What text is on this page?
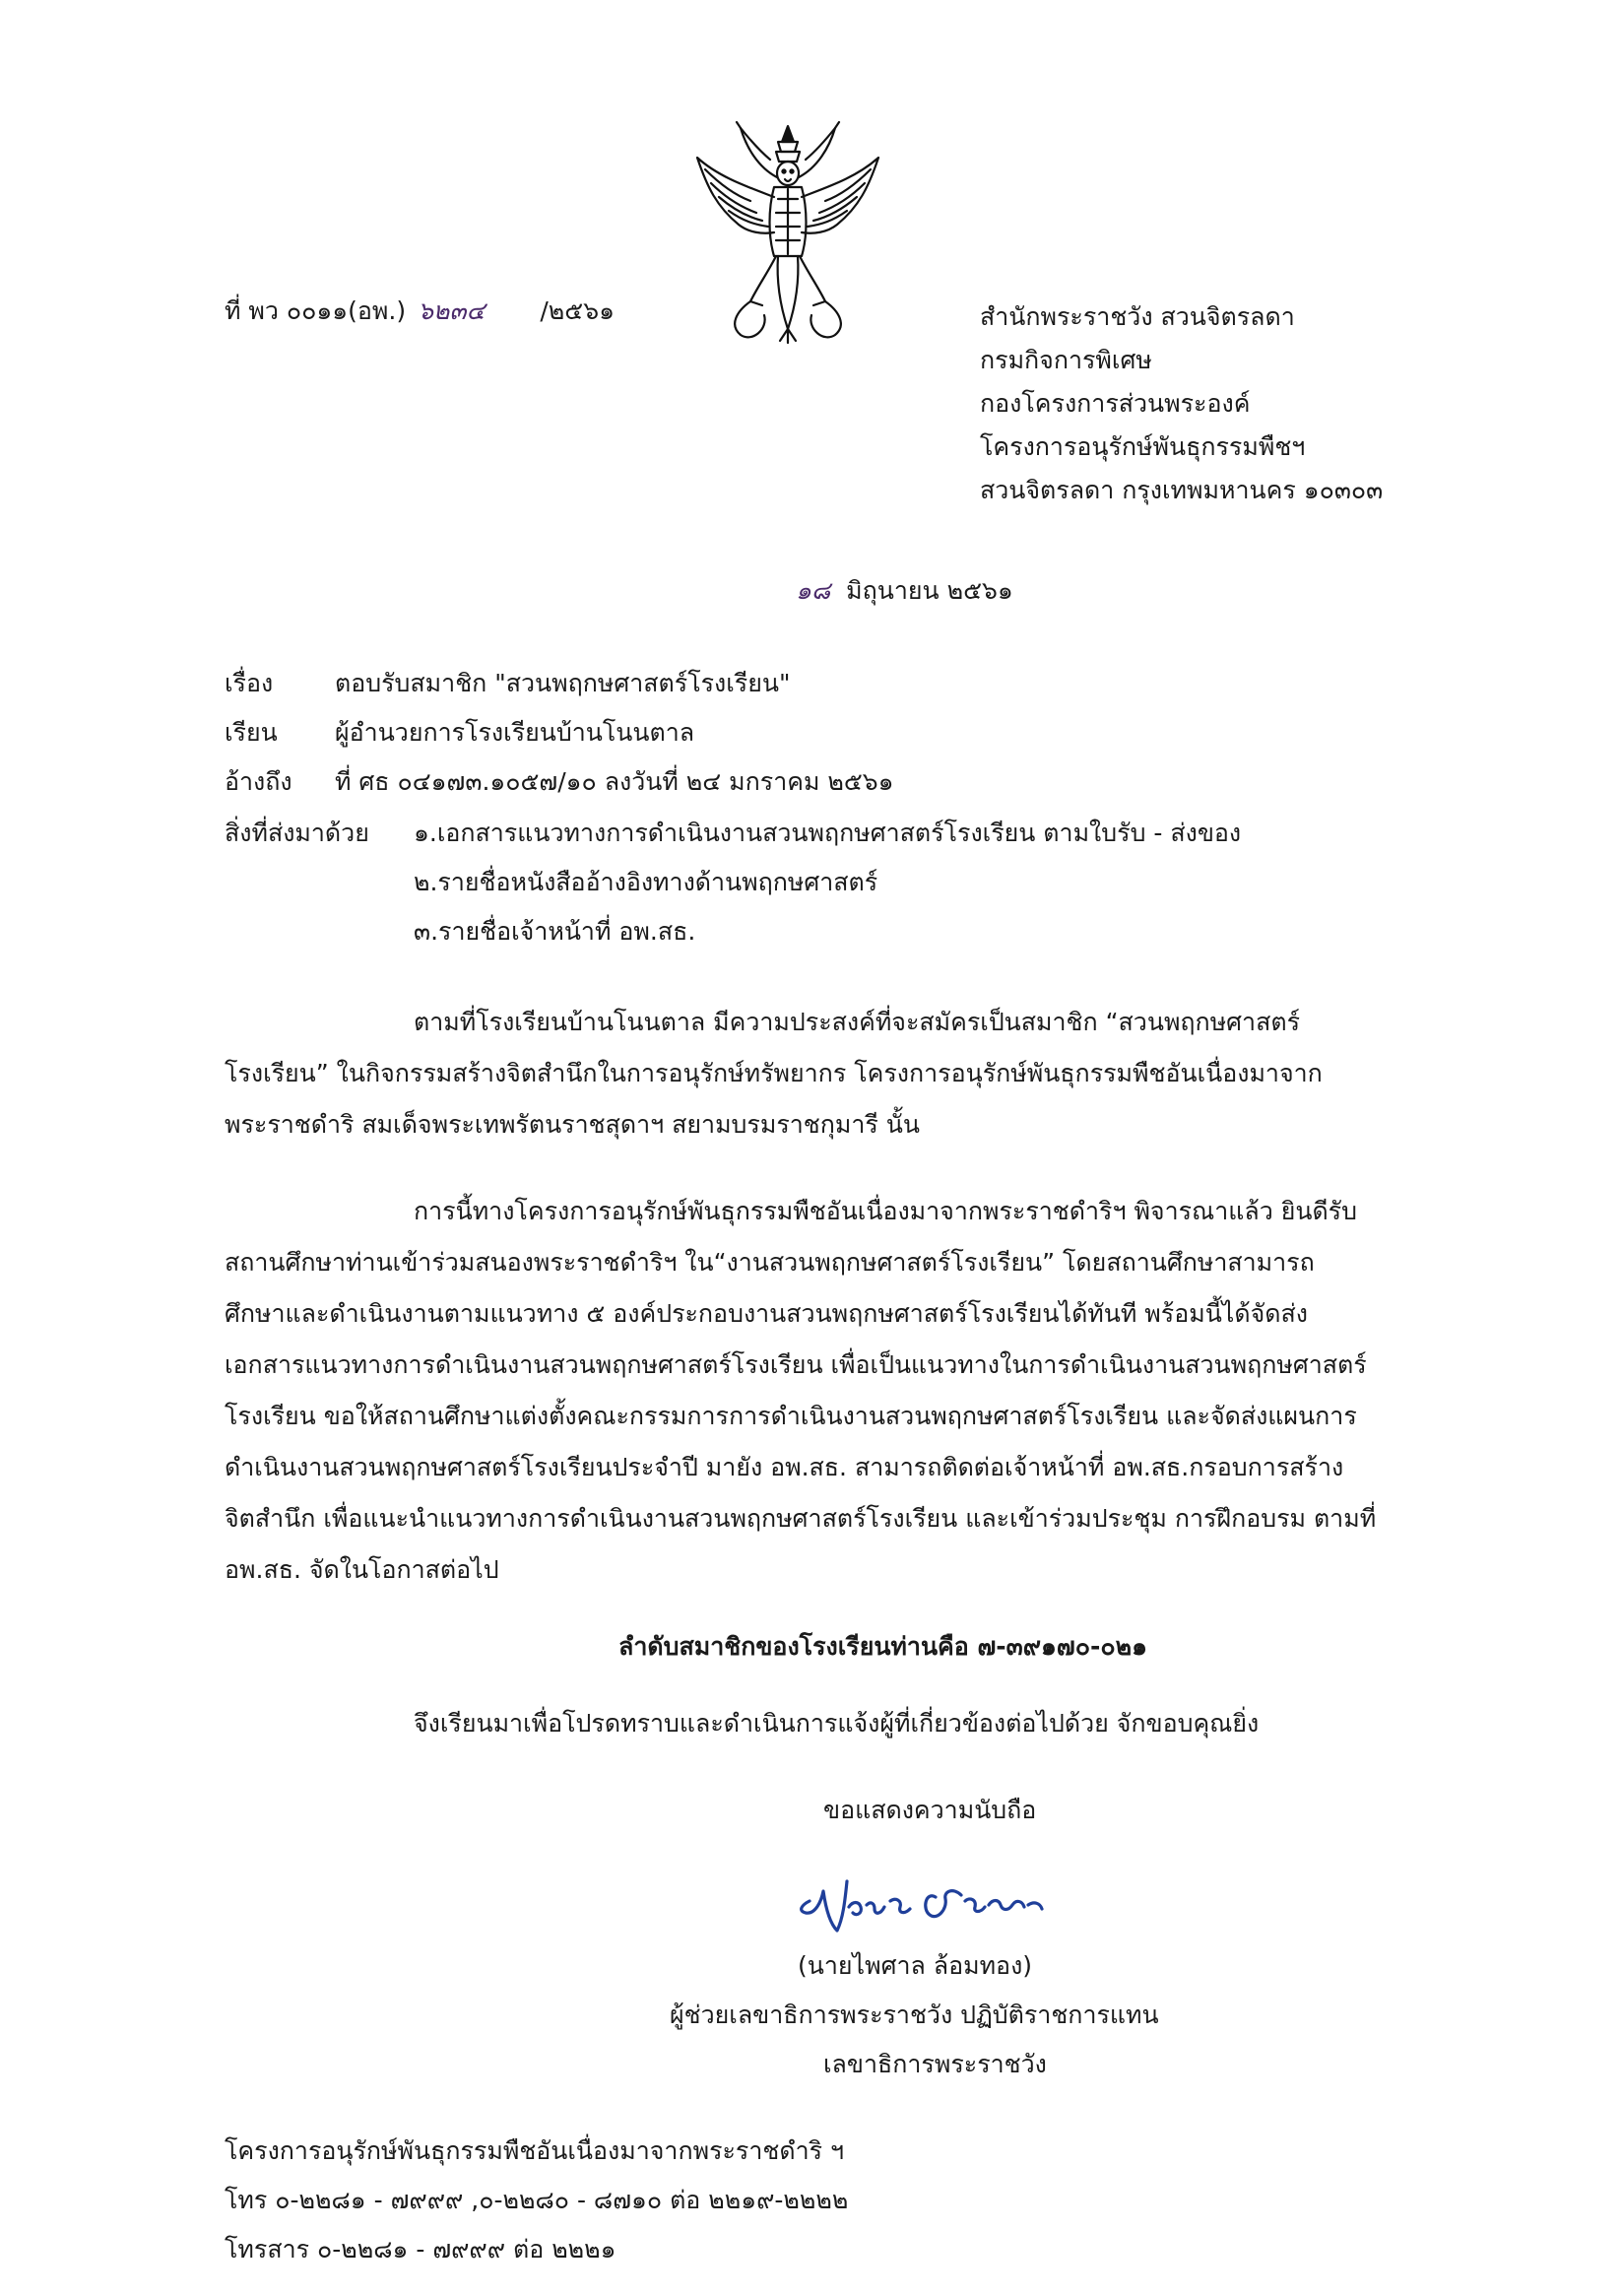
ที่ พว ๐๐๑๑(อพ.) ๖๒๓๔ /๒๕๖๑	สำนักพระราชวัง สวนจิตรลดา
กรมกิจการพิเศษ
กองโครงการส่วนพระองค์
โครงการอนุรักษ์พันธุกรรมพืชฯ
สวนจิตรลดา กรุงเทพมหานคร ๑๐๓๐๓
๑๘ มิถุนายน ๒๕๖๑
เรื่อง	ตอบรับสมาชิก "สวนพฤกษศาสตร์โรงเรียน"
เรียน ผู้อำนวยการโรงเรียนบ้านโนนตาล
อ้างถึง ที่ ศธ ๐๔๑๗๓.๑๐๕๗/๑๐ ลงวันที่ ๒๔ มกราคม ๒๕๖๑
สิ่งที่ส่งมาด้วย ๑.เอกสารแนวทางการดำเนินงานสวนพฤกษศาสตร์โรงเรียน ตามใบรับ - ส่งของ
๒.รายชื่อหนังสืออ้างอิงทางด้านพฤกษศาสตร์
๓.รายชื่อเจ้าหน้าที่ อพ.สธ.
ตามที่โรงเรียนบ้านโนนตาล มีความประสงค์ที่จะสมัครเป็นสมาชิก “สวนพฤกษศาสตร์
โรงเรียน” ในกิจกรรมสร้างจิตสำนึกในการอนุรักษ์ทรัพยากร โครงการอนุรักษ์พันธุกรรมพืชอันเนื่องมาจาก
พระราชดำริ สมเด็จพระเทพรัตนราชสุดาฯ สยามบรมราชกุมารี นั้น
การนี้ทางโครงการอนุรักษ์พันธุกรรมพืชอันเนื่องมาจากพระราชดำริฯ พิจารณาแล้ว ยินดีรับ
สถานศึกษาท่านเข้าร่วมสนองพระราชดำริฯ ใน“งานสวนพฤกษศาสตร์โรงเรียน” โดยสถานศึกษาสามารถ
ศึกษาและดำเนินงานตามแนวทาง ๕ องค์ประกอบงานสวนพฤกษศาสตร์โรงเรียนได้ทันที พร้อมนี้ได้จัดส่ง
เอกสารแนวทางการดำเนินงานสวนพฤกษศาสตร์โรงเรียน เพื่อเป็นแนวทางในการดำเนินงานสวนพฤกษศาสตร์
โรงเรียน ขอให้สถานศึกษาแต่งตั้งคณะกรรมการการดำเนินงานสวนพฤกษศาสตร์โรงเรียน และจัดส่งแผนการ
ดำเนินงานสวนพฤกษศาสตร์โรงเรียนประจำปี มายัง อพ.สธ. สามารถติดต่อเจ้าหน้าที่ อพ.สธ.กรอบการสร้าง
จิตสำนึก เพื่อแนะนำแนวทางการดำเนินงานสวนพฤกษศาสตร์โรงเรียน และเข้าร่วมประชุม การฝึกอบรม ตามที่
อพ.สธ. จัดในโอกาสต่อไป
ลำดับสมาชิกของโรงเรียนท่านคือ ๗-๓๙๑๗๐-๐๒๑
จึงเรียนมาเพื่อโปรดทราบและดำเนินการแจ้งผู้ที่เกี่ยวข้องต่อไปด้วย จักขอบคุณยิ่ง
ขอแสดงความนับถือ
(นายไพศาล ล้อมทอง)
ผู้ช่วยเลขาธิการพระราชวัง ปฏิบัติราชการแทน
เลขาธิการพระราชวัง
โครงการอนุรักษ์พันธุกรรมพืชอันเนื่องมาจากพระราชดำริ ฯ
โทร ๐-๒๒๘๑ - ๗๙๙๙ ,๐-๒๒๘๐ - ๘๗๑๐ ต่อ ๒๒๑๙-๒๒๒๒
โทรสาร ๐-๒๒๘๑ - ๗๙๙๙ ต่อ ๒๒๒๑
